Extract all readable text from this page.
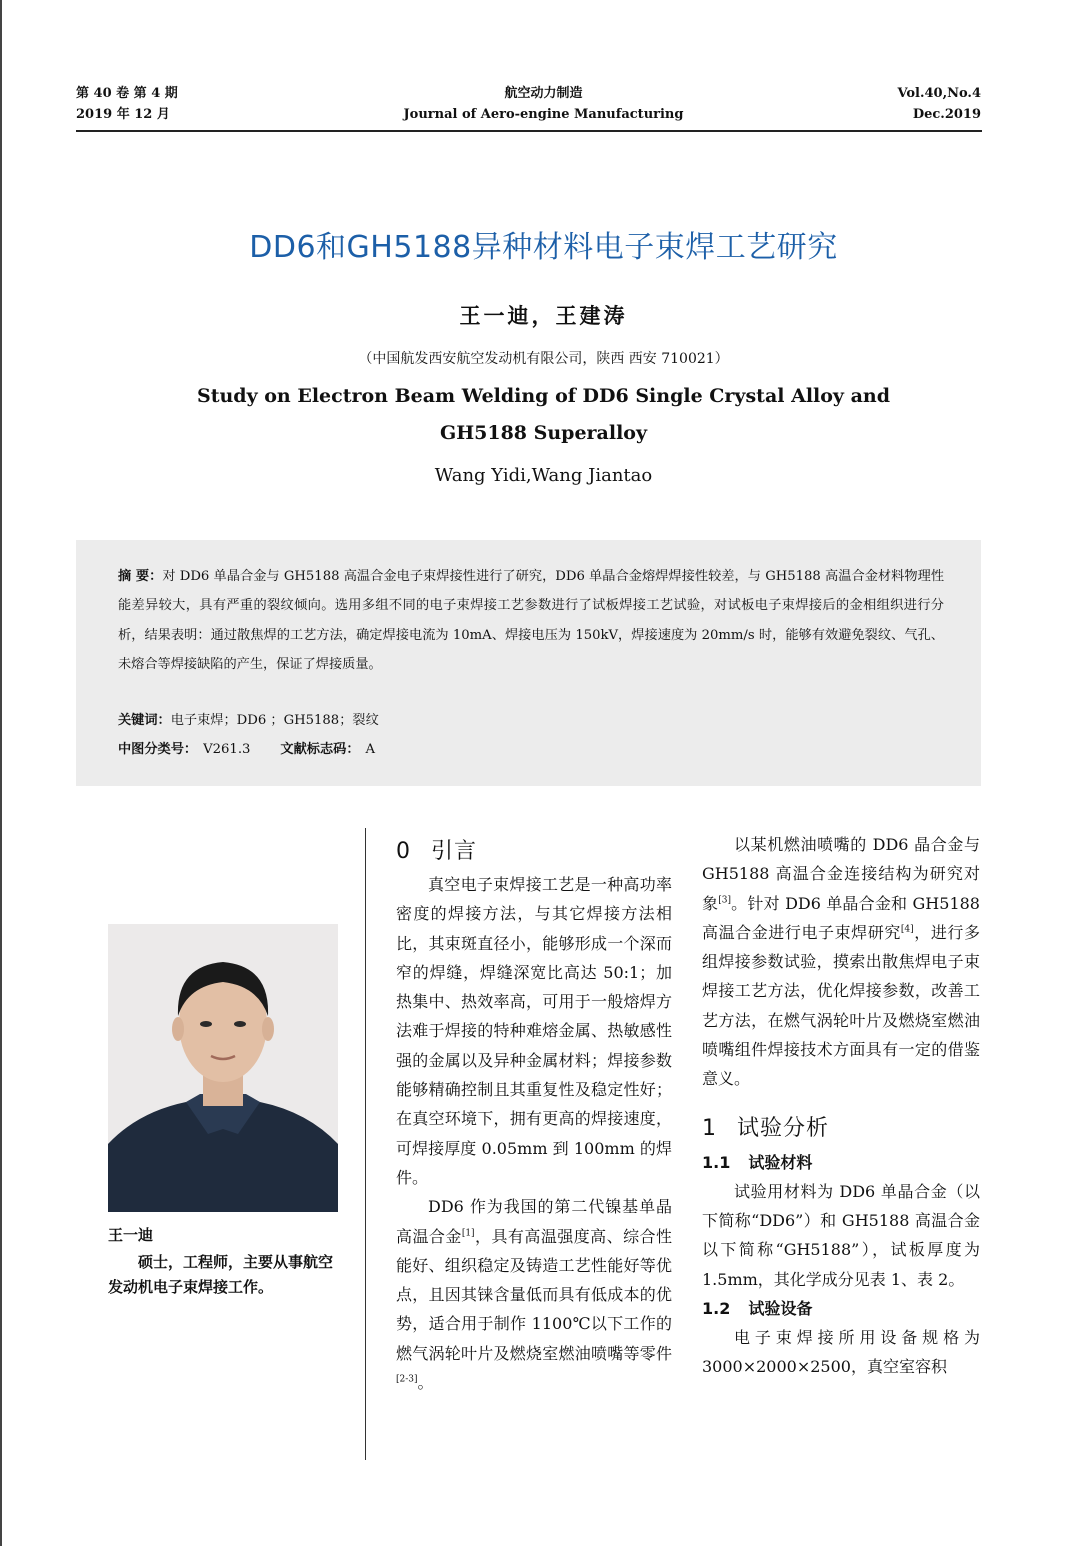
第 40 卷 第 4 期
2019 年 12 月
航空动力制造
Journal of Aero-engine Manufacturing
Vol.40,No.4
Dec.2019
DD6和GH5188异种材料电子束焊工艺研究
王一迪，王建涛
（中国航发西安航空发动机有限公司，陕西 西安 710021）
Study on Electron Beam Welding of DD6 Single Crystal Alloy and
GH5188 Superalloy
Wang Yidi,Wang Jiantao
摘 要：对 DD6 单晶合金与 GH5188 高温合金电子束焊接性进行了研究，DD6 单晶合金熔焊焊接性较差，与 GH5188 高温合金材料物理性能差异较大，具有严重的裂纹倾向。选用多组不同的电子束焊接工艺参数进行了试板焊接工艺试验，对试板电子束焊接后的金相组织进行分析，结果表明：通过散焦焊的工艺方法，确定焊接电流为 10mA、焊接电压为 150kV，焊接速度为 20mm/s 时，能够有效避免裂纹、气孔、未熔合等焊接缺陷的产生，保证了焊接质量。
关键词：电子束焊；DD6 ；GH5188；裂纹
中图分类号： V261.3 文献标志码： A
王一迪
硕士，工程师，主要从事航空发动机电子束焊接工作。
0 引言

真空电子束焊接工艺是一种高功率密度的焊接方法，与其它焊接方法相比，其束斑直径小，能够形成一个深而窄的焊缝，焊缝深宽比高达 50:1；加热集中、热效率高，可用于一般熔焊方法难于焊接的特种难熔金属、热敏感性强的金属以及异种金属材料；焊接参数能够精确控制且其重复性及稳定性好；在真空环境下，拥有更高的焊接速度，可焊接厚度 0.05mm 到 100mm 的焊件。

DD6 作为我国的第二代镍基单晶高温合金[1]，具有高温强度高、综合性能好、组织稳定及铸造工艺性能好等优点，且因其铼含量低而具有低成本的优势，适合用于制作 1100℃以下工作的燃气涡轮叶片及燃烧室燃油喷嘴等零件[2-3]。

以某机燃油喷嘴的 DD6 晶合金与 GH5188 高温合金连接结构为研究对象[3]。针对 DD6 单晶合金和 GH5188 高温合金进行电子束焊研究[4]，进行多组焊接参数试验，摸索出散焦焊电子束焊接工艺方法，优化焊接参数，改善工艺方法，在燃气涡轮叶片及燃烧室燃油喷嘴组件焊接技术方面具有一定的借鉴意义。

1 试验分析
1.1 试验材料

试验用材料为 DD6 单晶合金（以下简称“DD6”）和 GH5188 高温合金以下简称“GH5188”），试板厚度为 1.5mm，其化学成分见表 1、表 2。

1.2 试验设备

电子束焊接所用设备规格为 3000×2000×2500，真空室容积
